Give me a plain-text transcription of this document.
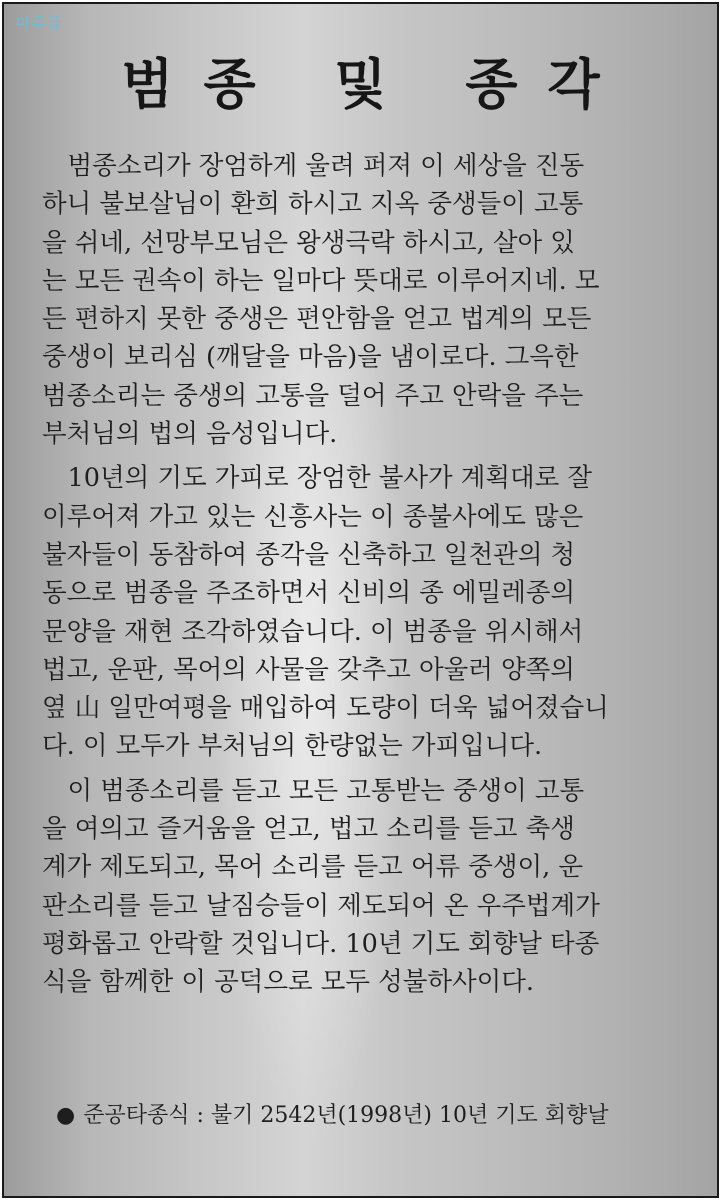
마루금
범종 및 종각
　범종소리가 장엄하게 울려 퍼져 이 세상을 진동
하니 불보살님이 환희 하시고 지옥 중생들이 고통
을 쉬네, 선망부모님은 왕생극락 하시고, 살아 있
는 모든 권속이 하는 일마다 뜻대로 이루어지네. 모
든 편하지 못한 중생은 편안함을 얻고 법계의 모든
중생이 보리심 (깨달을 마음)을 냄이로다. 그윽한
범종소리는 중생의 고통을 덜어 주고 안락을 주는
부처님의 법의 음성입니다.
　10년의 기도 가피로 장엄한 불사가 계획대로 잘
이루어져 가고 있는 신흥사는 이 종불사에도 많은
불자들이 동참하여 종각을 신축하고 일천관의 청
동으로 범종을 주조하면서 신비의 종 에밀레종의
문양을 재현 조각하였습니다. 이 범종을 위시해서
법고, 운판, 목어의 사물을 갖추고 아울러 양쪽의
옆 山 일만여평을 매입하여 도량이 더욱 넓어졌습니
다. 이 모두가 부처님의 한량없는 가피입니다.
　이 범종소리를 듣고 모든 고통받는 중생이 고통
을 여의고 즐거움을 얻고, 법고 소리를 듣고 축생
계가 제도되고, 목어 소리를 듣고 어류 중생이, 운
판소리를 듣고 날짐승들이 제도되어 온 우주법계가
평화롭고 안락할 것입니다. 10년 기도 회향날 타종
식을 함께한 이 공덕으로 모두 성불하사이다.
● 준공타종식 : 불기 2542년(1998년) 10년 기도 회향날
